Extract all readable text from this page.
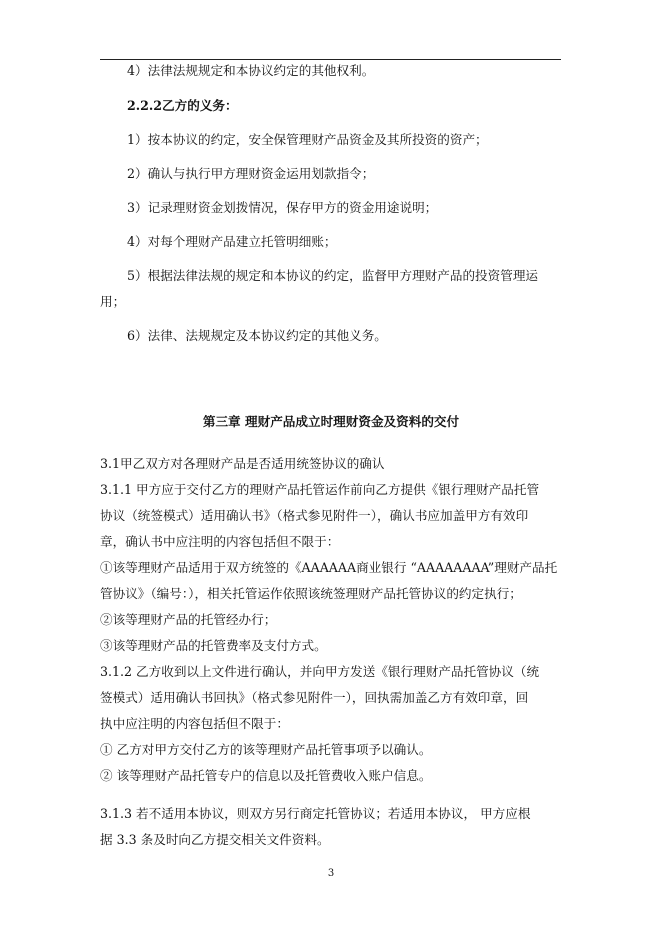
4）法律法规规定和本协议约定的其他权利。
2.2.2乙方的义务：
1）按本协议的约定，安全保管理财产品资金及其所投资的资产；
2）确认与执行甲方理财资金运用划款指令；
3）记录理财资金划拨情况，保存甲方的资金用途说明；
4）对每个理财产品建立托管明细账；
5）根据法律法规的规定和本协议的约定，监督甲方理财产品的投资管理运
用；
6）法律、法规规定及本协议约定的其他义务。
第三章 理财产品成立时理财资金及资料的交付
3.1甲乙双方对各理财产品是否适用统签协议的确认
3.1.1 甲方应于交付乙方的理财产品托管运作前向乙方提供《银行理财产品托管
协议（统签模式）适用确认书》（格式参见附件一），确认书应加盖甲方有效印
章，确认书中应注明的内容包括但不限于：
①该等理财产品适用于双方统签的《AAAAAA商业银行 “AAAAAAAA”理财产品托
管协议》（编号：），相关托管运作依照该统签理财产品托管协议的约定执行；
②该等理财产品的托管经办行；
③该等理财产品的托管费率及支付方式。
3.1.2 乙方收到以上文件进行确认，并向甲方发送《银行理财产品托管协议（统
签模式）适用确认书回执》（格式参见附件一），回执需加盖乙方有效印章，回
执中应注明的内容包括但不限于：
① 乙方对甲方交付乙方的该等理财产品托管事项予以确认。
② 该等理财产品托管专户的信息以及托管费收入账户信息。
3.1.3 若不适用本协议，则双方另行商定托管协议；若适用本协议， 甲方应根
据 3.3 条及时向乙方提交相关文件资料。
3
